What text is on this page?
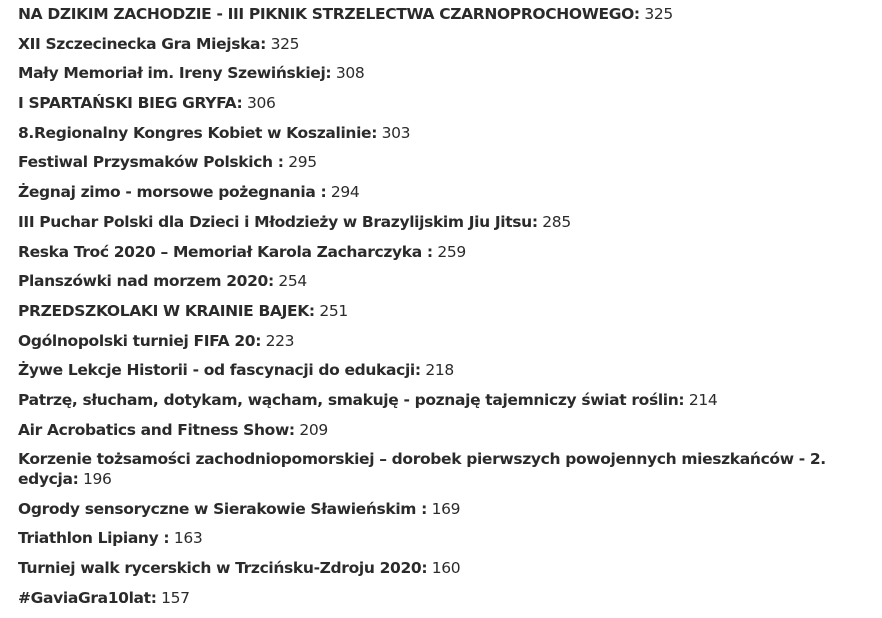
NA DZIKIM ZACHODZIE - III PIKNIK STRZELECTWA CZARNOPROCHOWEGO: 325
XII Szczecinecka Gra Miejska: 325
Mały Memoriał im. Ireny Szewińskiej: 308
I SPARTAŃSKI BIEG GRYFA: 306
8.Regionalny Kongres Kobiet w Koszalinie: 303
Festiwal Przysmaków Polskich : 295
Żegnaj zimo - morsowe pożegnania : 294
III Puchar Polski dla Dzieci i Młodzieży w Brazylijskim Jiu Jitsu: 285
Reska Troć 2020 – Memoriał Karola Zacharczyka : 259
Planszówki nad morzem 2020: 254
PRZEDSZKOLAKI W KRAINIE BAJEK: 251
Ogólnopolski turniej FIFA 20: 223
Żywe Lekcje Historii - od fascynacji do edukacji: 218
Patrzę, słucham, dotykam, wącham, smakuję - poznaję tajemniczy świat roślin: 214
Air Acrobatics and Fitness Show: 209
Korzenie tożsamości zachodniopomorskiej – dorobek pierwszych powojennych mieszkańców - 2. edycja: 196
Ogrody sensoryczne w Sierakowie Sławieńskim : 169
Triathlon Lipiany : 163
Turniej walk rycerskich w Trzcińsku-Zdroju 2020: 160
#GaviaGra10lat: 157
